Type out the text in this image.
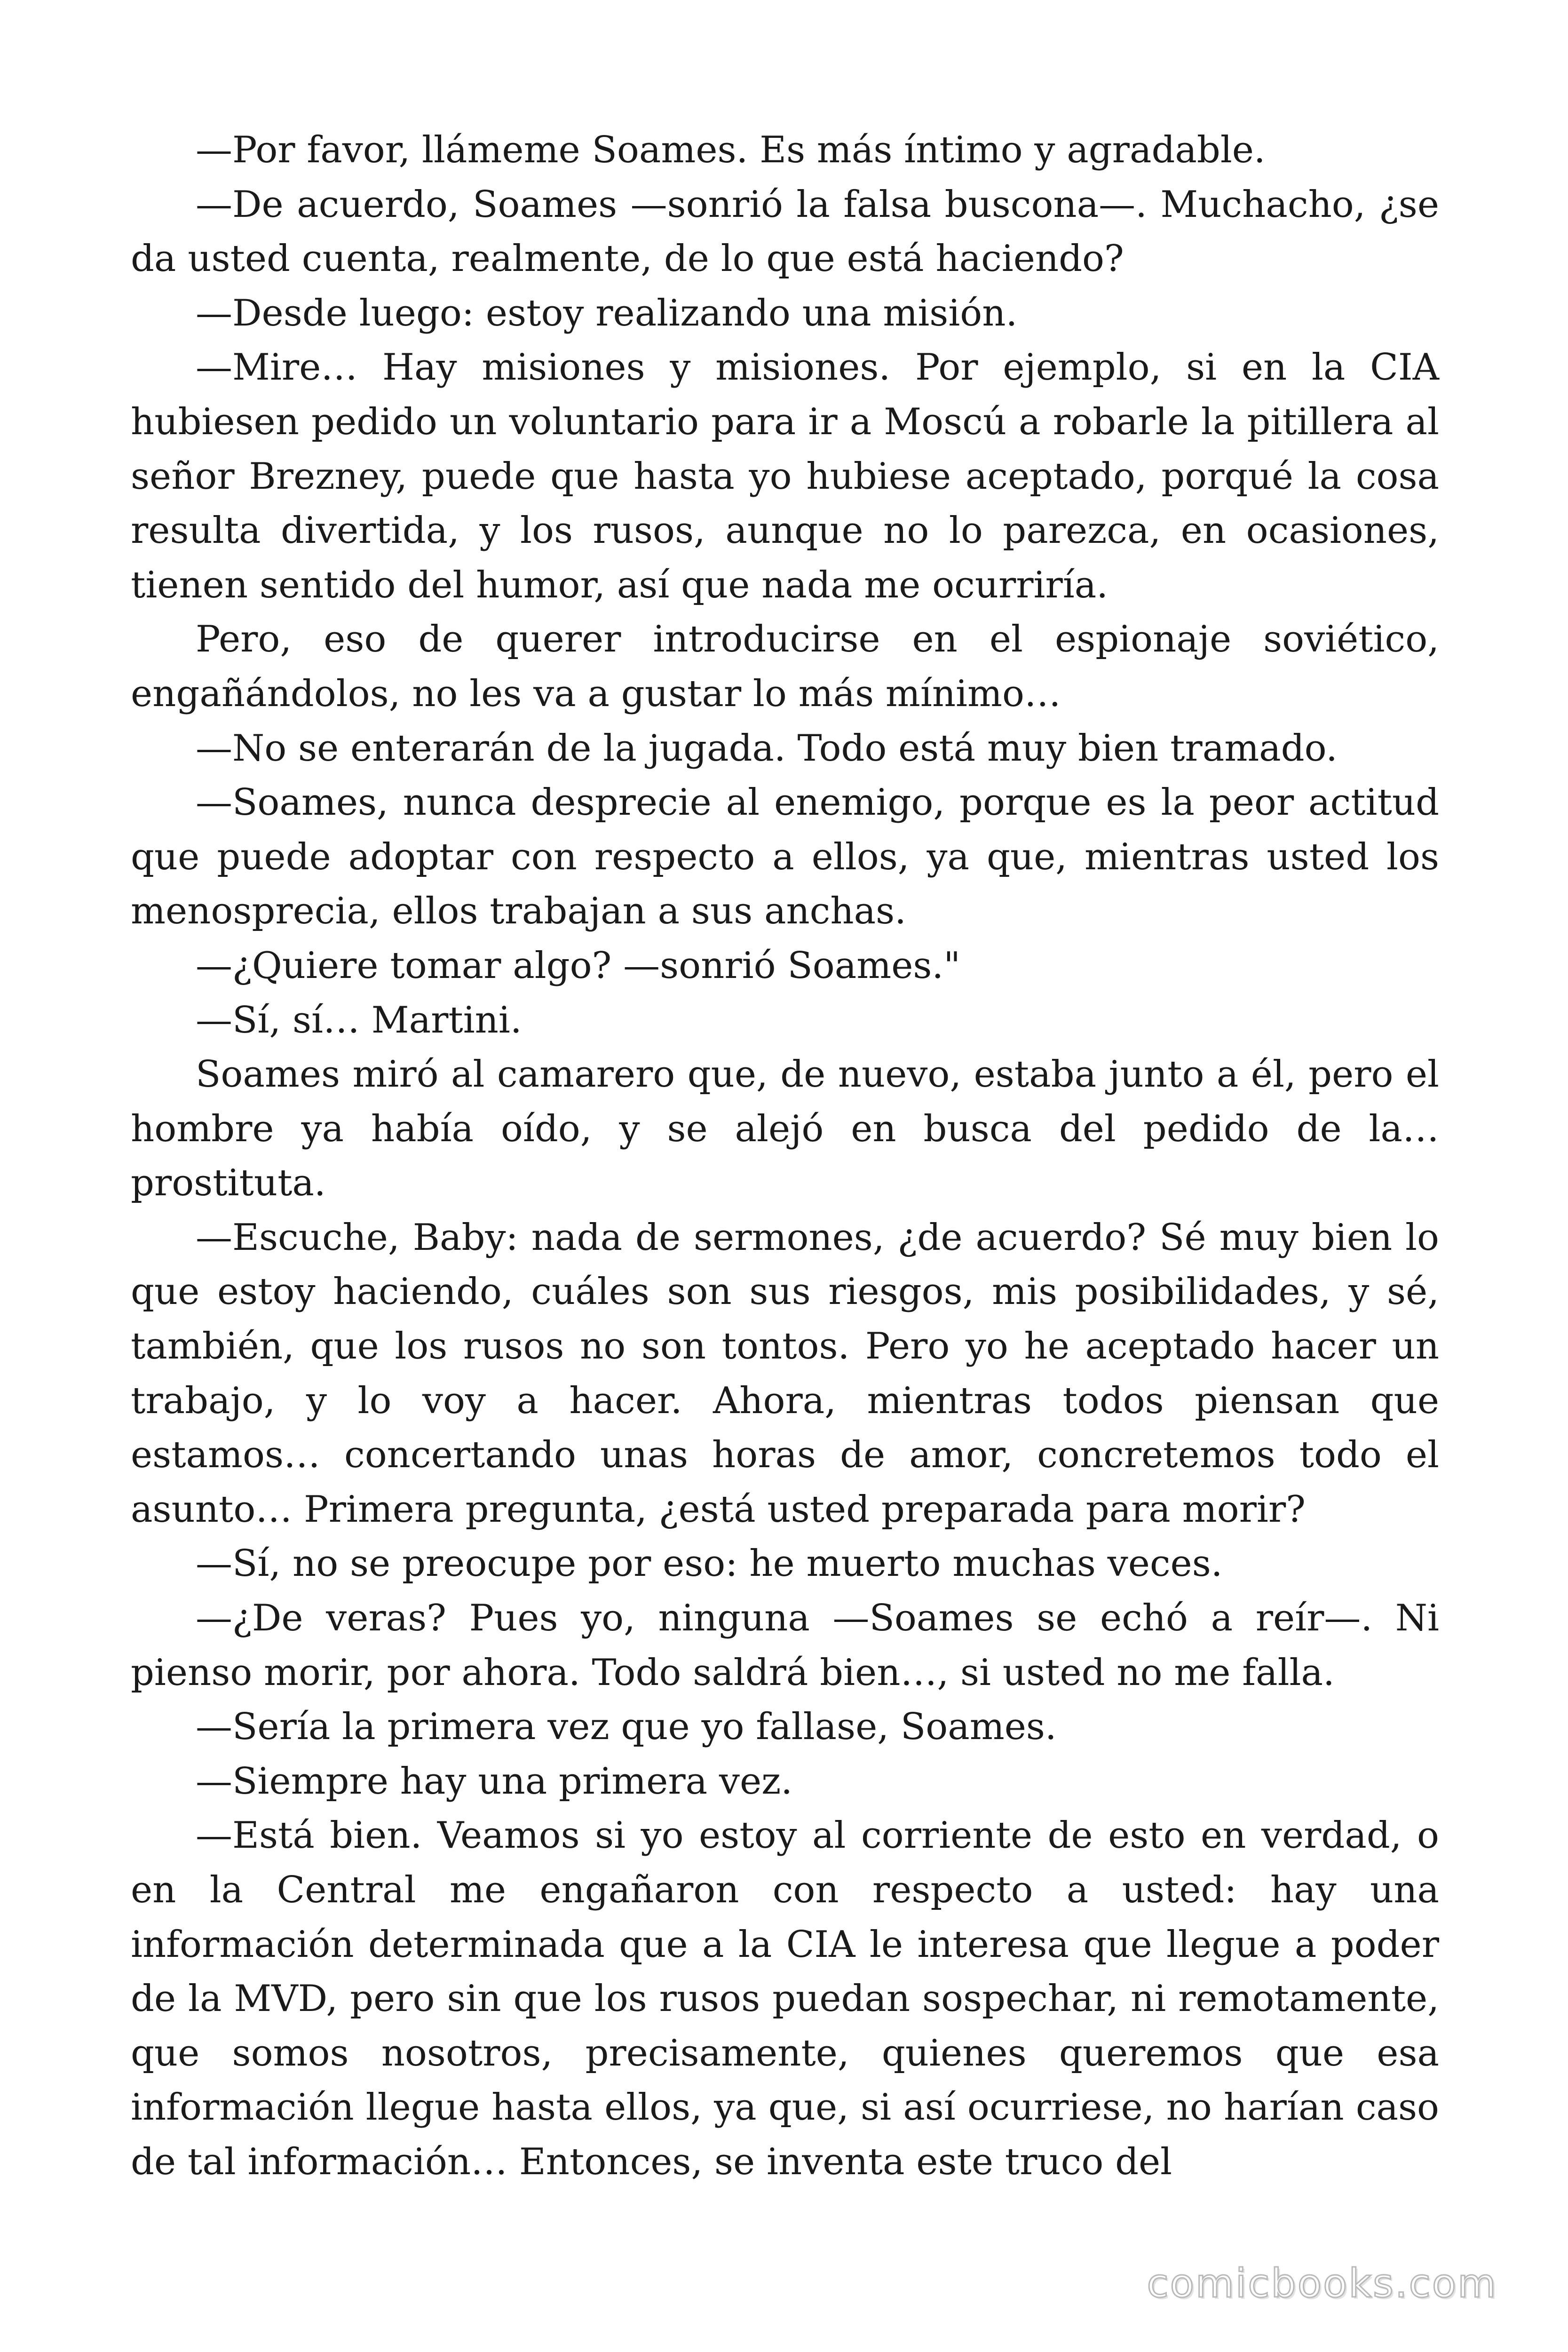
—Por favor, llámeme Soames. Es más íntimo y agradable.

—De acuerdo, Soames —sonrió la falsa buscona—. Muchacho, ¿se da usted cuenta, realmente, de lo que está haciendo?

—Desde luego: estoy realizando una misión.

—Mire… Hay misiones y misiones. Por ejemplo, si en la CIA hubiesen pedido un voluntario para ir a Moscú a robarle la pitillera al señor Brezney, puede que hasta yo hubiese aceptado, porqué la cosa resulta divertida, y los rusos, aunque no lo parezca, en ocasiones, tienen sentido del humor, así que nada me ocurriría.

Pero, eso de querer introducirse en el espionaje soviético, engañándolos, no les va a gustar lo más mínimo…

—No se enterarán de la jugada. Todo está muy bien tramado.

—Soames, nunca desprecie al enemigo, porque es la peor actitud que puede adoptar con respecto a ellos, ya que, mientras usted los menosprecia, ellos trabajan a sus anchas.

—¿Quiere tomar algo? —sonrió Soames."

—Sí, sí… Martini.

Soames miró al camarero que, de nuevo, estaba junto a él, pero el hombre ya había oído, y se alejó en busca del pedido de la… prostituta.

—Escuche, Baby: nada de sermones, ¿de acuerdo? Sé muy bien lo que estoy haciendo, cuáles son sus riesgos, mis posibilidades, y sé, también, que los rusos no son tontos. Pero yo he aceptado hacer un trabajo, y lo voy a hacer. Ahora, mientras todos piensan que estamos… concertando unas horas de amor, concretemos todo el asunto… Primera pregunta, ¿está usted preparada para morir?

—Sí, no se preocupe por eso: he muerto muchas veces.

—¿De veras? Pues yo, ninguna —Soames se echó a reír—. Ni pienso morir, por ahora. Todo saldrá bien…, si usted no me falla.

—Sería la primera vez que yo fallase, Soames.

—Siempre hay una primera vez.

—Está bien. Veamos si yo estoy al corriente de esto en verdad, o en la Central me engañaron con respecto a usted: hay una información determinada que a la CIA le interesa que llegue a poder de la MVD, pero sin que los rusos puedan sospechar, ni remotamente, que somos nosotros, precisamente, quienes queremos que esa información llegue hasta ellos, ya que, si así ocurriese, no harían caso de tal información… Entonces, se inventa este truco del

comicbooks.com
